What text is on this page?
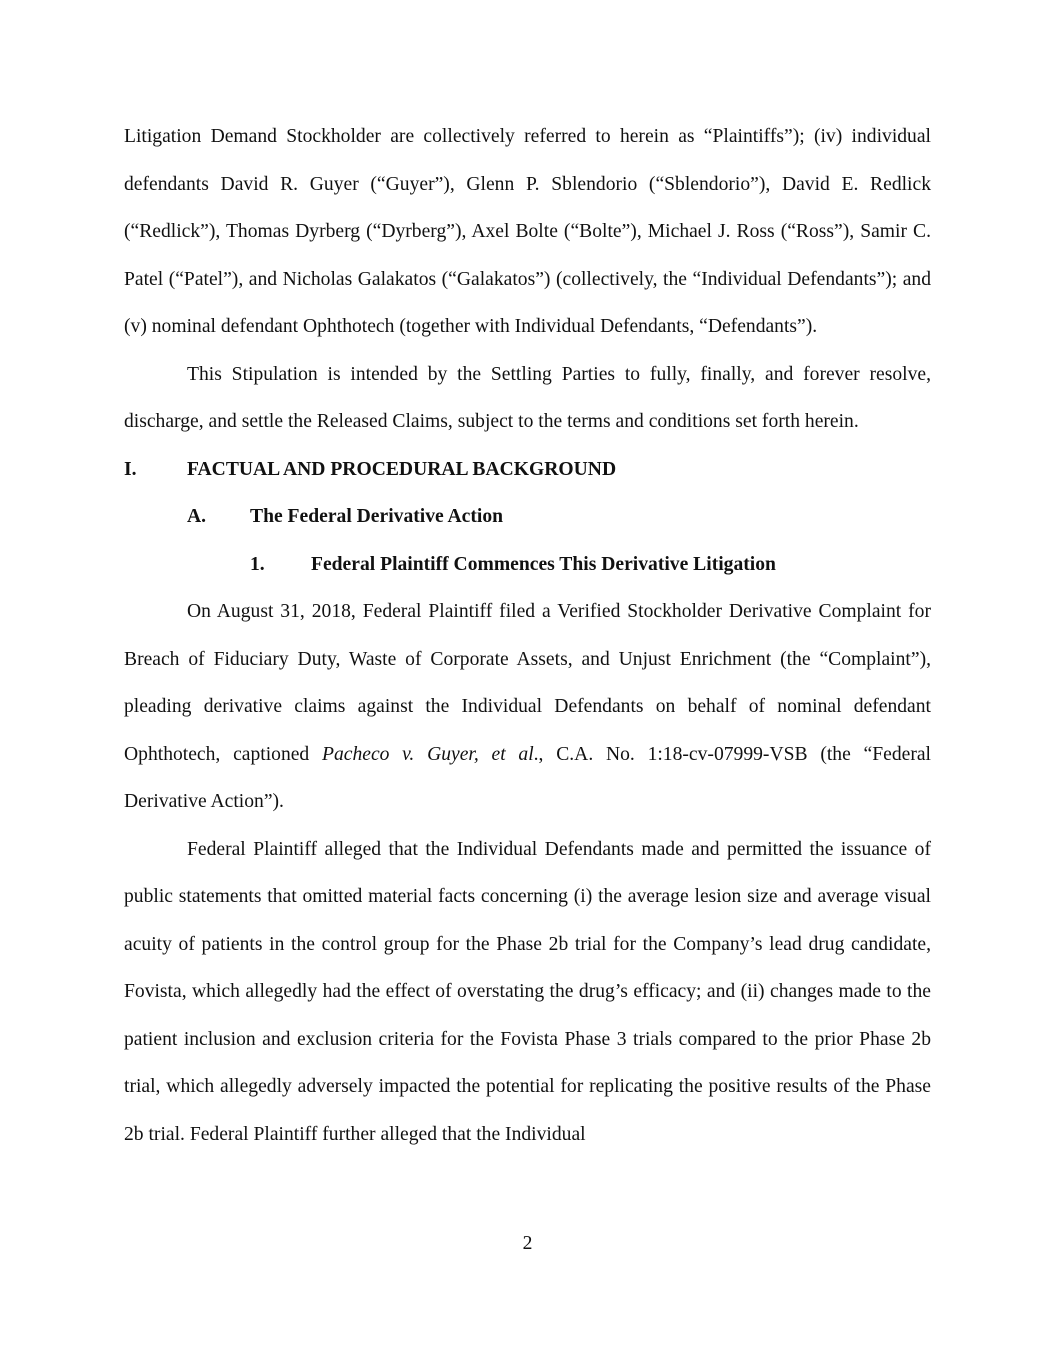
Litigation Demand Stockholder are collectively referred to herein as “Plaintiffs”); (iv) individual defendants David R. Guyer (“Guyer”), Glenn P. Sblendorio (“Sblendorio”), David E. Redlick (“Redlick”), Thomas Dyrberg (“Dyrberg”), Axel Bolte (“Bolte”), Michael J. Ross (“Ross”), Samir C. Patel (“Patel”), and Nicholas Galakatos (“Galakatos”) (collectively, the “Individual Defendants”); and (v) nominal defendant Ophthotech (together with Individual Defendants, “Defendants”).

This Stipulation is intended by the Settling Parties to fully, finally, and forever resolve, discharge, and settle the Released Claims, subject to the terms and conditions set forth herein.

I.	FACTUAL AND PROCEDURAL BACKGROUND

A. The Federal Derivative Action

1. Federal Plaintiff Commences This Derivative Litigation

On August 31, 2018, Federal Plaintiff filed a Verified Stockholder Derivative Complaint for Breach of Fiduciary Duty, Waste of Corporate Assets, and Unjust Enrichment (the “Complaint”), pleading derivative claims against the Individual Defendants on behalf of nominal defendant Ophthotech, captioned Pacheco v. Guyer, et al., C.A. No. 1:18-cv-07999-VSB (the “Federal Derivative Action”).

Federal Plaintiff alleged that the Individual Defendants made and permitted the issuance of public statements that omitted material facts concerning (i) the average lesion size and average visual acuity of patients in the control group for the Phase 2b trial for the Company’s lead drug candidate, Fovista, which allegedly had the effect of overstating the drug’s efficacy; and (ii) changes made to the patient inclusion and exclusion criteria for the Fovista Phase 3 trials compared to the prior Phase 2b trial, which allegedly adversely impacted the potential for replicating the positive results of the Phase 2b trial. Federal Plaintiff further alleged that the Individual

2
